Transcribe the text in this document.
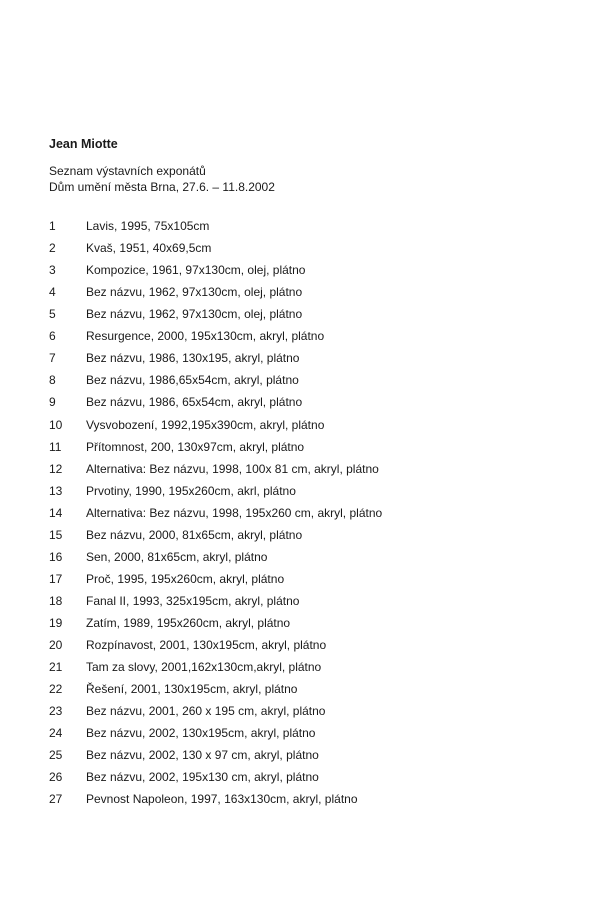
Jean Miotte
Seznam výstavních exponátů
Dům umění města Brna, 27.6. – 11.8.2002
1	Lavis, 1995, 75x105cm
2	Kvaš, 1951, 40x69,5cm
3	Kompozice, 1961, 97x130cm, olej, plátno
4	Bez názvu, 1962, 97x130cm, olej, plátno
5	Bez názvu, 1962, 97x130cm, olej, plátno
6	Resurgence, 2000, 195x130cm, akryl, plátno
7	Bez názvu, 1986, 130x195, akryl, plátno
8	Bez názvu, 1986,65x54cm, akryl, plátno
9	Bez názvu, 1986, 65x54cm, akryl, plátno
10	Vysvobození, 1992,195x390cm, akryl, plátno
11	Přítomnost, 200, 130x97cm, akryl, plátno
12	Alternativa: Bez názvu, 1998, 100x 81 cm, akryl, plátno
13	Prvotiny, 1990, 195x260cm, akrl, plátno
14	Alternativa: Bez názvu, 1998, 195x260 cm, akryl, plátno
15	Bez názvu, 2000, 81x65cm, akryl, plátno
16	Sen, 2000, 81x65cm, akryl, plátno
17	Proč, 1995, 195x260cm, akryl, plátno
18	Fanal II, 1993, 325x195cm, akryl, plátno
19	Zatím, 1989, 195x260cm, akryl, plátno
20	Rozpínavost, 2001, 130x195cm, akryl, plátno
21	Tam za slovy, 2001,162x130cm,akryl, plátno
22	Řešení, 2001, 130x195cm, akryl, plátno
23	Bez názvu, 2001, 260 x 195 cm, akryl, plátno
24	Bez názvu, 2002, 130x195cm, akryl, plátno
25	Bez názvu, 2002, 130 x 97 cm, akryl, plátno
26	Bez názvu, 2002, 195x130 cm, akryl, plátno
27	Pevnost Napoleon, 1997, 163x130cm, akryl, plátno
